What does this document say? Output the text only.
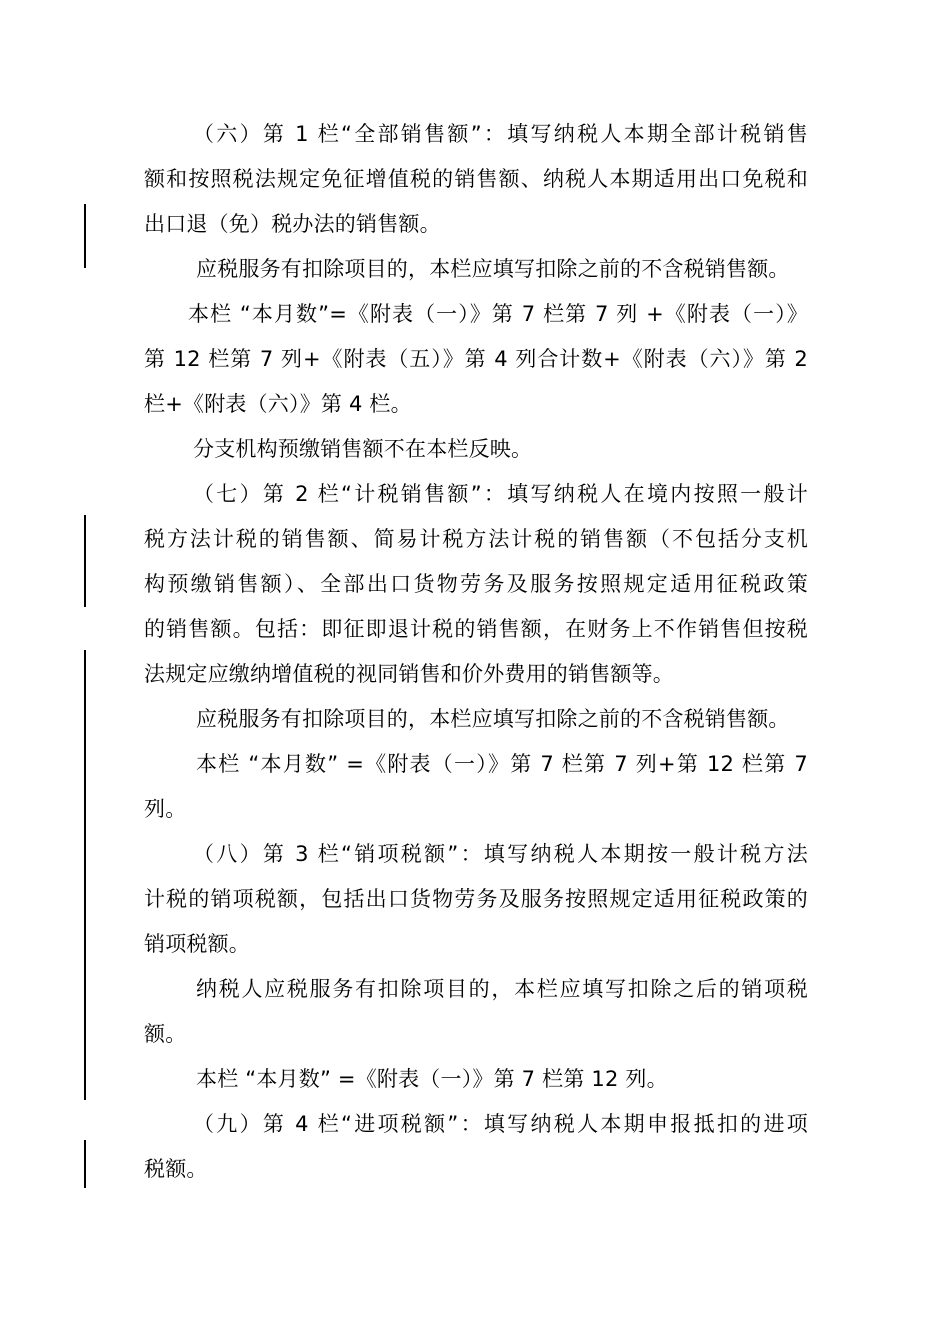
（六）第 1 栏“全部销售额”：填写纳税人本期全部计税销售
额和按照税法规定免征增值税的销售额、纳税人本期适用出口免税和
出口退（免）税办法的销售额。
应税服务有扣除项目的，本栏应填写扣除之前的不含税销售额。
本栏 “本月数”=《附表（一）》第 7 栏第 7 列 +《附表（一）》
第 12 栏第 7 列+《附表（五）》第 4 列合计数+《附表（六）》第 2
栏+《附表（六）》第 4 栏。
分支机构预缴销售额不在本栏反映。
（七）第 2 栏“计税销售额”：填写纳税人在境内按照一般计
税方法计税的销售额、简易计税方法计税的销售额（不包括分支机
构预缴销售额）、全部出口货物劳务及服务按照规定适用征税政策
的销售额。包括：即征即退计税的销售额，在财务上不作销售但按税
法规定应缴纳增值税的视同销售和价外费用的销售额等。
应税服务有扣除项目的，本栏应填写扣除之前的不含税销售额。
本栏 “本月数” =《附表（一）》第 7 栏第 7 列+第 12 栏第 7
列。
（八）第 3 栏“销项税额”：填写纳税人本期按一般计税方法
计税的销项税额，包括出口货物劳务及服务按照规定适用征税政策的
销项税额。
纳税人应税服务有扣除项目的，本栏应填写扣除之后的销项税
额。
本栏 “本月数” =《附表（一）》第 7 栏第 12 列。
（九）第 4 栏“进项税额”：填写纳税人本期申报抵扣的进项
税额。
